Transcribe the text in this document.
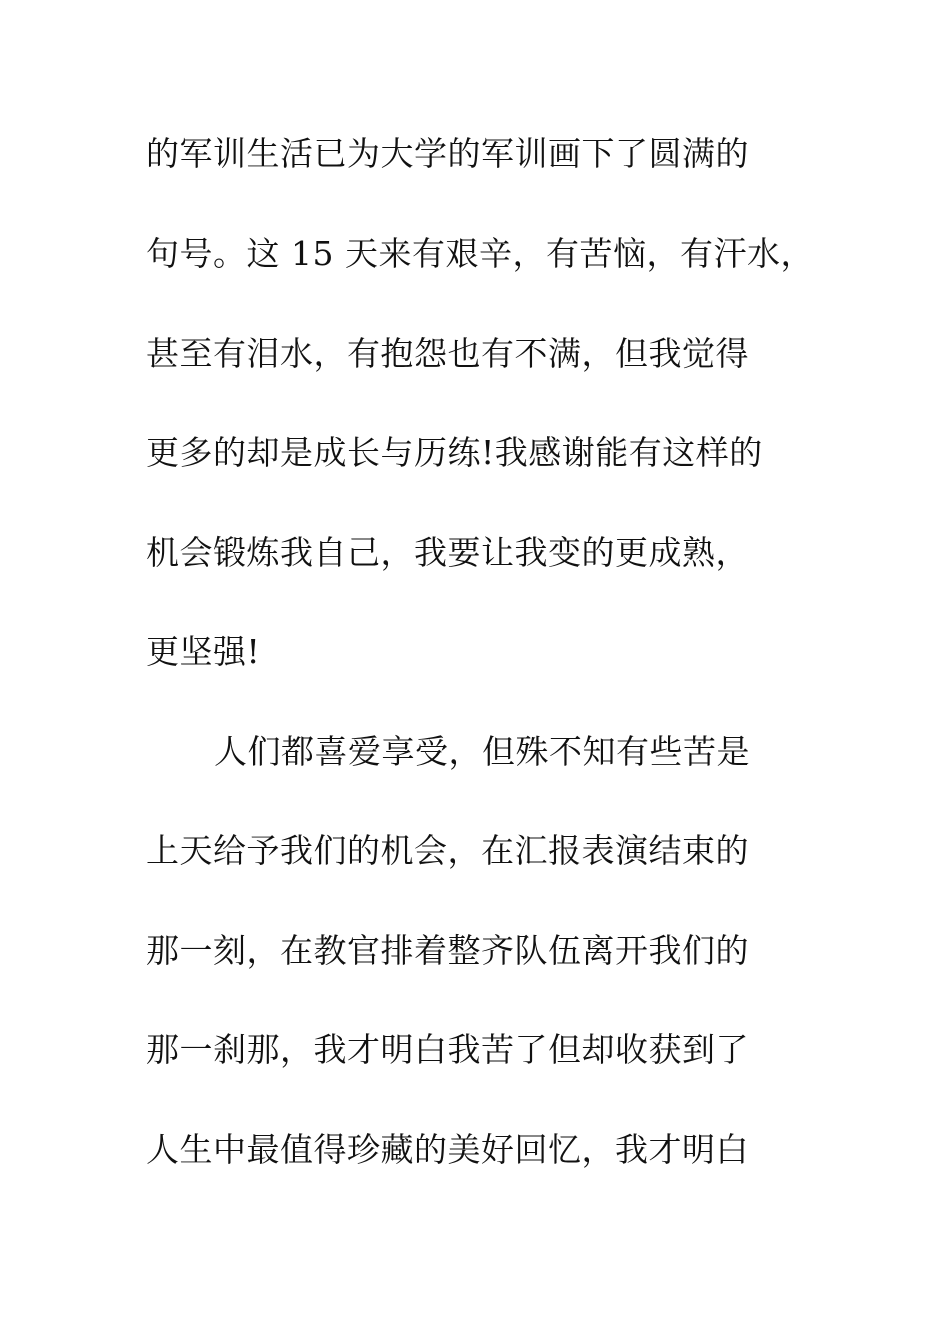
的军训生活已为大学的军训画下了圆满的
句号。这 15 天来有艰辛，有苦恼，有汗水，
甚至有泪水，有抱怨也有不满，但我觉得
更多的却是成长与历练!我感谢能有这样的
机会锻炼我自己，我要让我变的更成熟，
更坚强!
人们都喜爱享受，但殊不知有些苦是
上天给予我们的机会，在汇报表演结束的
那一刻，在教官排着整齐队伍离开我们的
那一刹那，我才明白我苦了但却收获到了
人生中最值得珍藏的美好回忆，我才明白
